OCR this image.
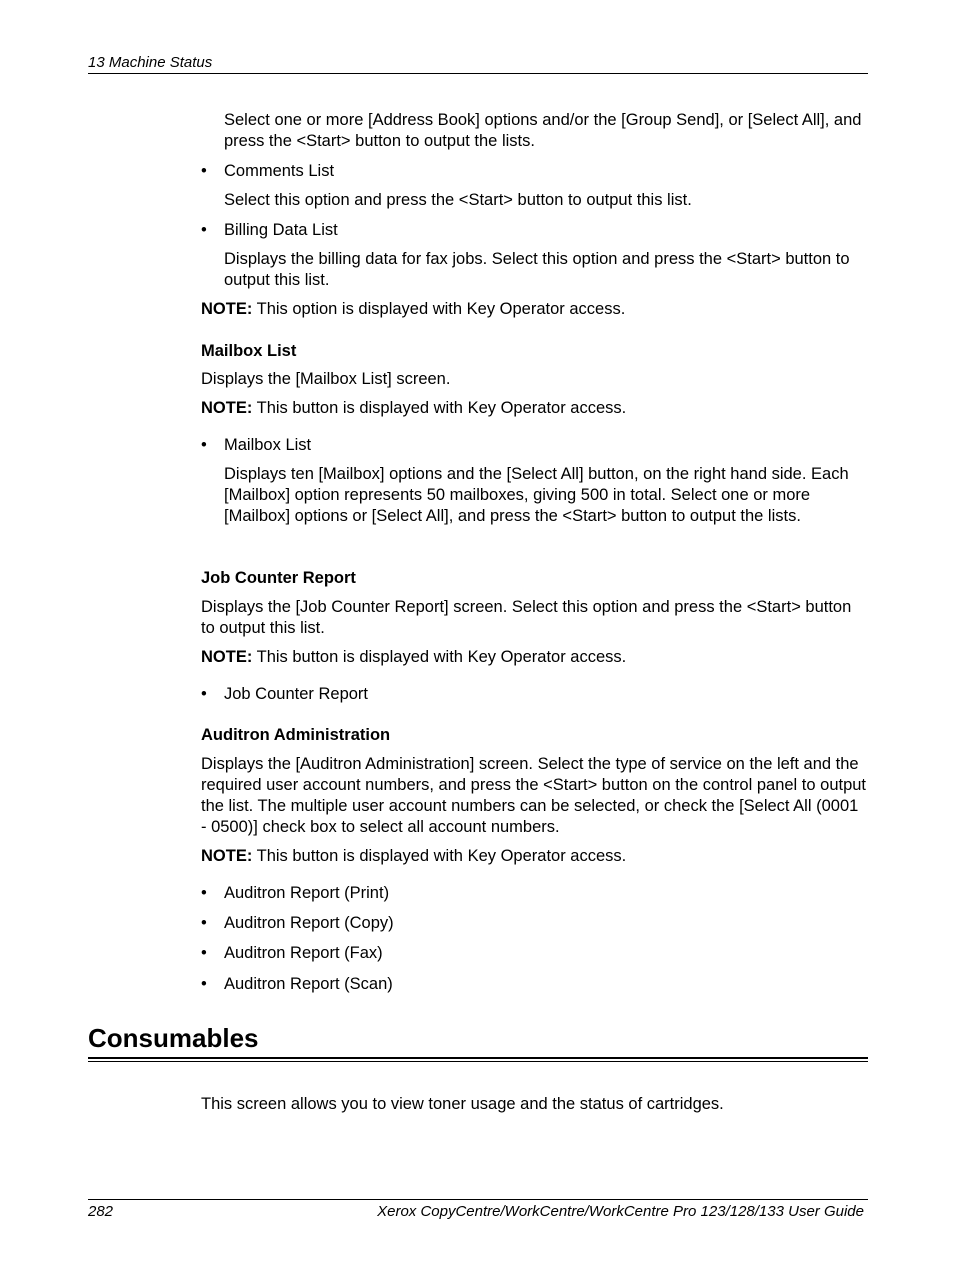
13 Machine Status

Select one or more [Address Book] options and/or the [Group Send], or [Select All], and press the <Start> button to output the lists.

• Comments List

Select this option and press the <Start> button to output this list.

• Billing Data List

Displays the billing data for fax jobs. Select this option and press the <Start> button to output this list.

NOTE: This option is displayed with Key Operator access.

Mailbox List

Displays the [Mailbox List] screen.

NOTE: This button is displayed with Key Operator access.

• Mailbox List

Displays ten [Mailbox] options and the [Select All] button, on the right hand side. Each [Mailbox] option represents 50 mailboxes, giving 500 in total. Select one or more [Mailbox] options or [Select All], and press the <Start> button to output the lists.

Job Counter Report

Displays the [Job Counter Report] screen. Select this option and press the <Start> button to output this list.

NOTE: This button is displayed with Key Operator access.

• Job Counter Report

Auditron Administration

Displays the [Auditron Administration] screen. Select the type of service on the left and the required user account numbers, and press the <Start> button on the control panel to output the list. The multiple user account numbers can be selected, or check the [Select All (0001 - 0500)] check box to select all account numbers.

NOTE: This button is displayed with Key Operator access.

• Auditron Report (Print)

• Auditron Report (Copy)

• Auditron Report (Fax)

• Auditron Report (Scan)

Consumables

This screen allows you to view toner usage and the status of cartridges.

282	Xerox CopyCentre/WorkCentre/WorkCentre Pro 123/128/133 User Guide
